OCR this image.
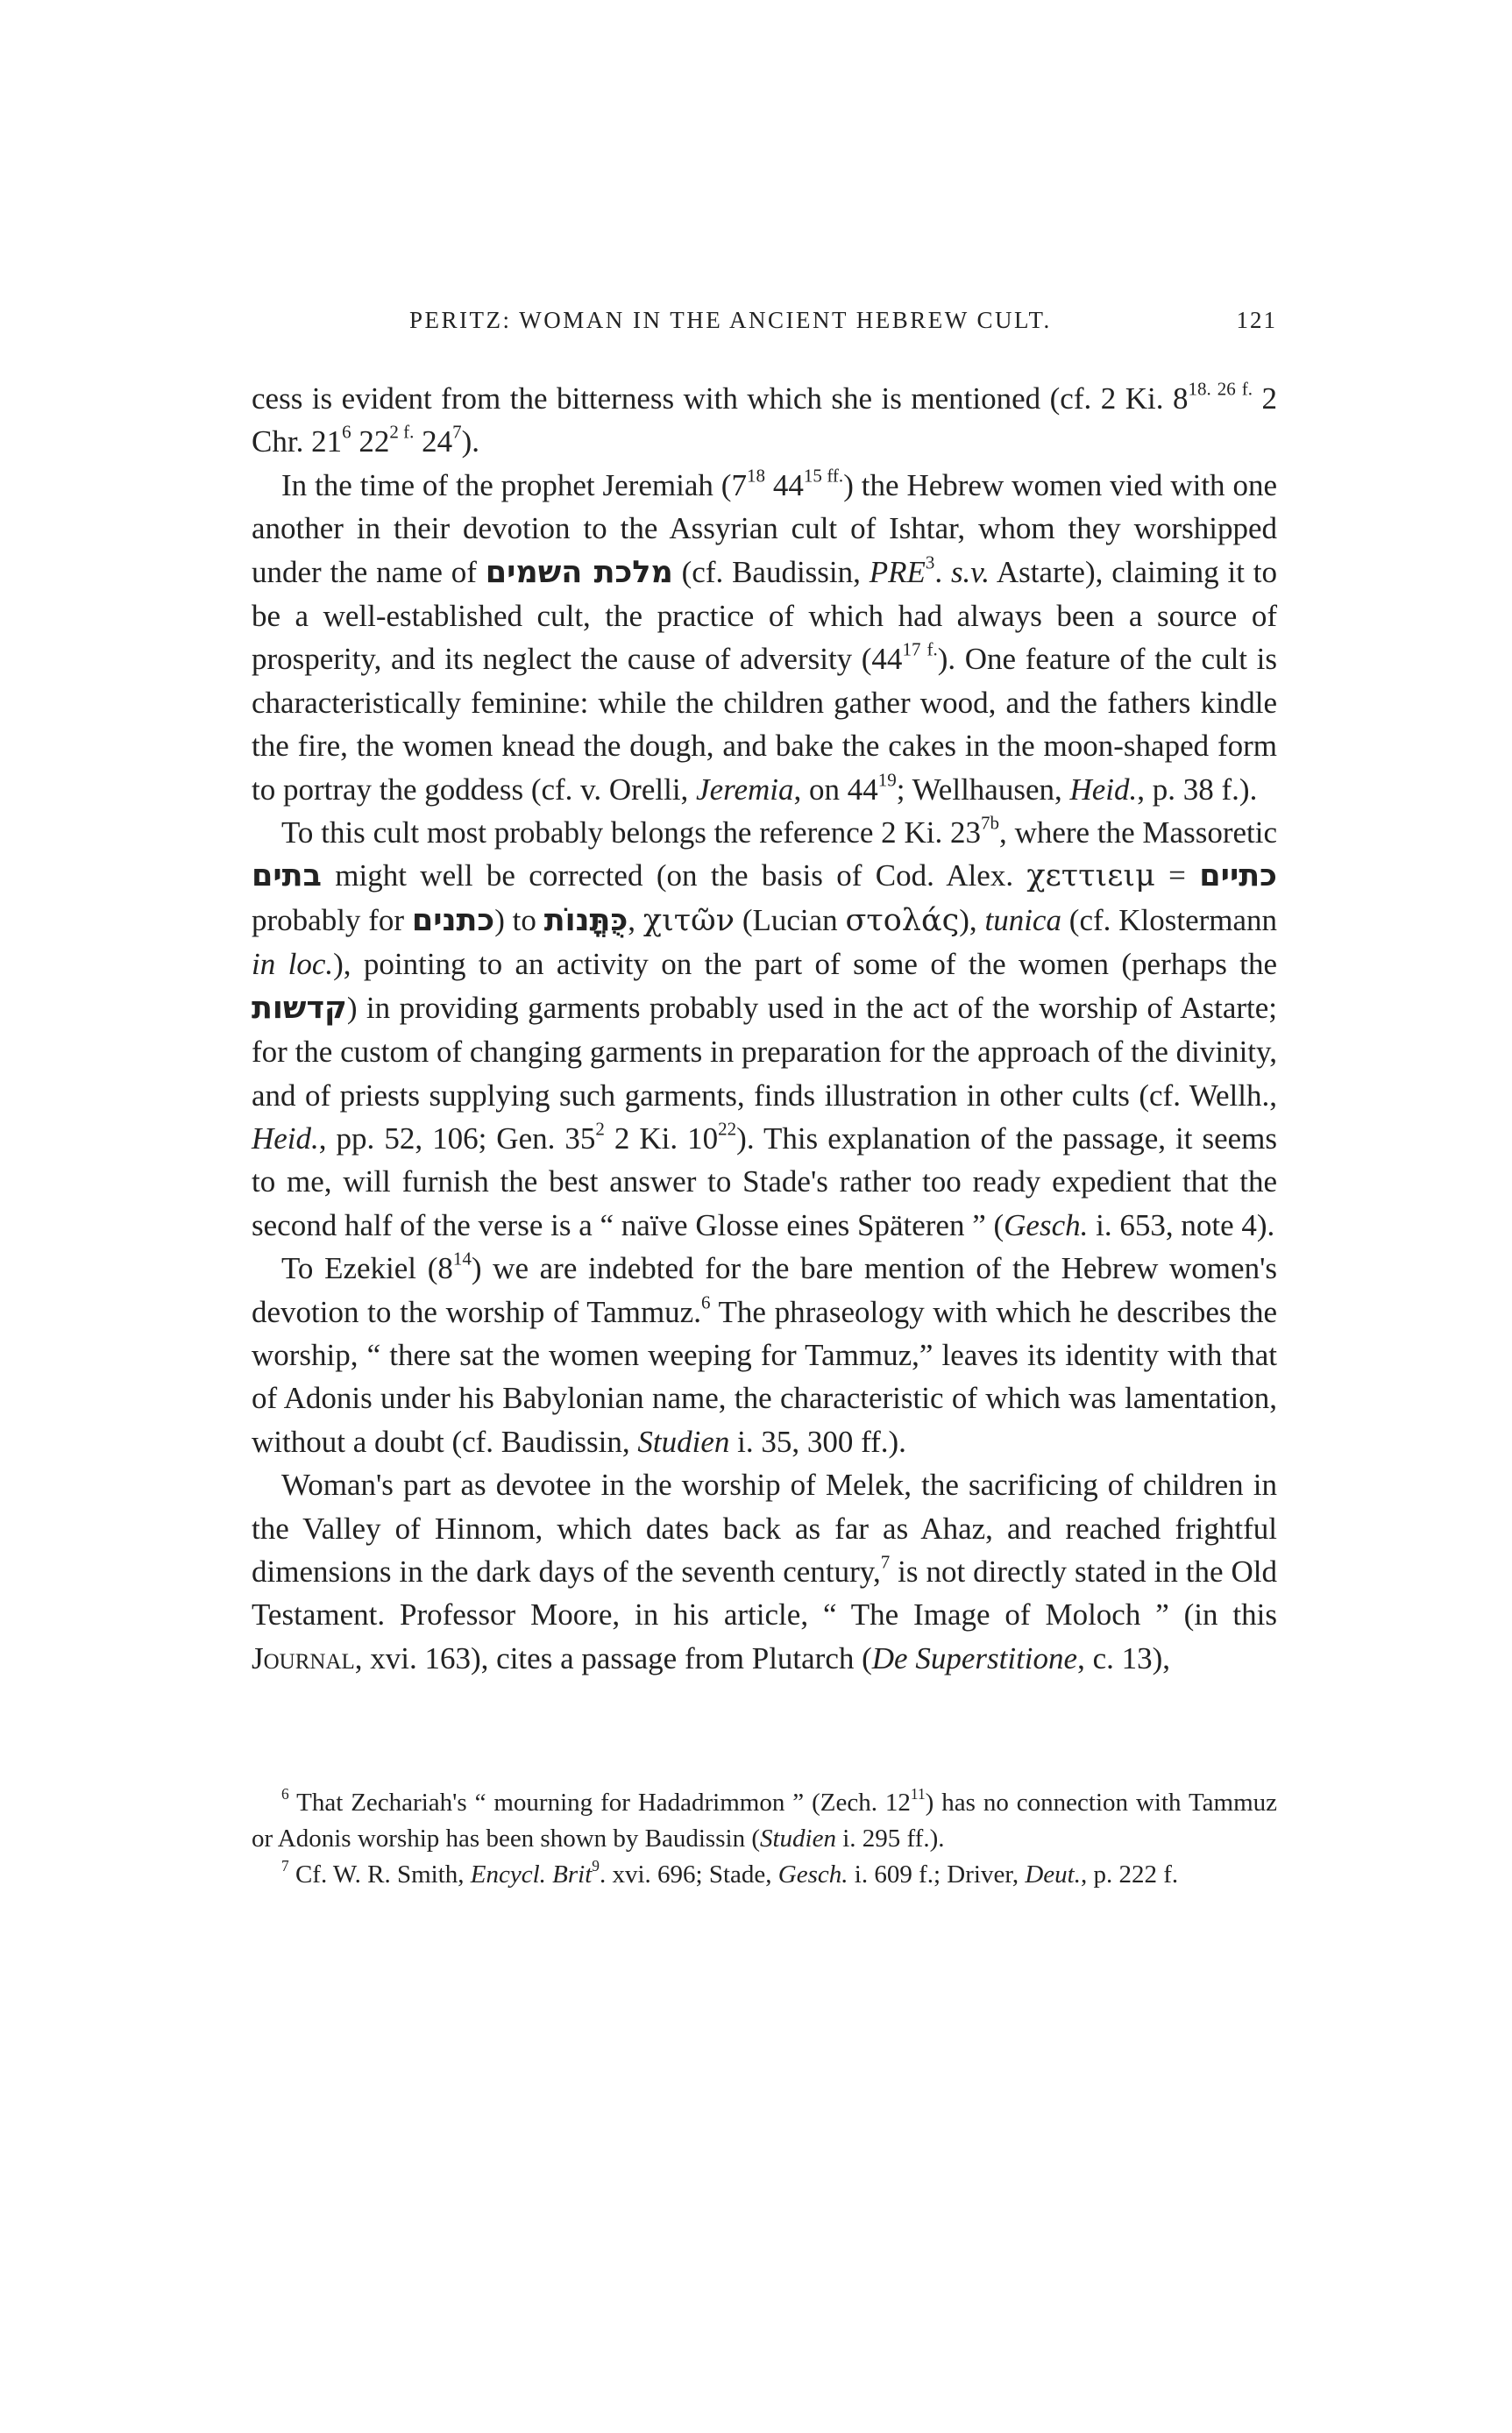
PERITZ: WOMAN IN THE ANCIENT HEBREW CULT.	121

cess is evident from the bitterness with which she is mentioned (cf. 2 Ki. $8^{18. 26 f.}$ 2 Chr. $21^6$ $22^{2 f.}$ $24^7$).

In the time of the prophet Jeremiah ($7^{18}$ $44^{15 ff.}$) the Hebrew women vied with one another in their devotion to the Assyrian cult of Ishtar, whom they worshipped under the name of מלכת השמים (cf. Baudissin, PRE$^3$. s.v. Astarte), claiming it to be a well-established cult, the practice of which had always been a source of prosperity, and its neglect the cause of adversity $(44^{17 f.})$. One feature of the cult is characteristically feminine: while the children gather wood, and the fathers kindle the fire, the women knead the dough, and bake the cakes in the moon-shaped form to portray the goddess (cf. v. Orelli, Jeremia, on $44^{19}$; Wellhausen, Heid., p. 38 f.).

To this cult most probably belongs the reference 2 Ki. $23^{7b}$, where the Massoretic בתים might well be corrected (on the basis of Cod. Alex. χεττιειμ = כתיים probably for כתנים) to כֻּתֳּנוֹת, χιτῶν (Lucian στολάς), tunica (cf. Klostermann in loc.), pointing to an activity on the part of some of the women (perhaps the קדשות) in providing garments probably used in the act of the worship of Astarte; for the custom of changing garments in preparation for the approach of the divinity, and of priests supplying such garments, finds illustration in other cults (cf. Wellh., Heid., pp. 52, 106; Gen. $35^2$ 2 Ki. $10^{22}$). This explanation of the passage, it seems to me, will furnish the best answer to Stade's rather too ready expedient that the second half of the verse is a “ naïve Glosse eines Späteren ” (Gesch. i. 653, note 4).

To Ezekiel $(8^{14})$ we are indebted for the bare mention of the Hebrew women's devotion to the worship of Tammuz.$^6$ The phraseology with which he describes the worship, “ there sat the women weeping for Tammuz,” leaves its identity with that of Adonis under his Babylonian name, the characteristic of which was lamentation, without a doubt (cf. Baudissin, Studien i. 35, 300 ff.).

Woman's part as devotee in the worship of Melek, the sacrificing of children in the Valley of Hinnom, which dates back as far as Ahaz, and reached frightful dimensions in the dark days of the seventh century,$^7$ is not directly stated in the Old Testament. Professor Moore, in his article, “ The Image of Moloch ” (in this Journal, xvi. 163), cites a passage from Plutarch (De Superstitione, c. 13),

$^6$ That Zechariah's “ mourning for Hadadrimmon ” (Zech. $12^{11}$) has no connection with Tammuz or Adonis worship has been shown by Baudissin (Studien i. 295 ff.).

$^7$ Cf. W. R. Smith, Encycl. Brit$^9$. xvi. 696; Stade, Gesch. i. 609 f.; Driver, Deut., p. 222 f.
